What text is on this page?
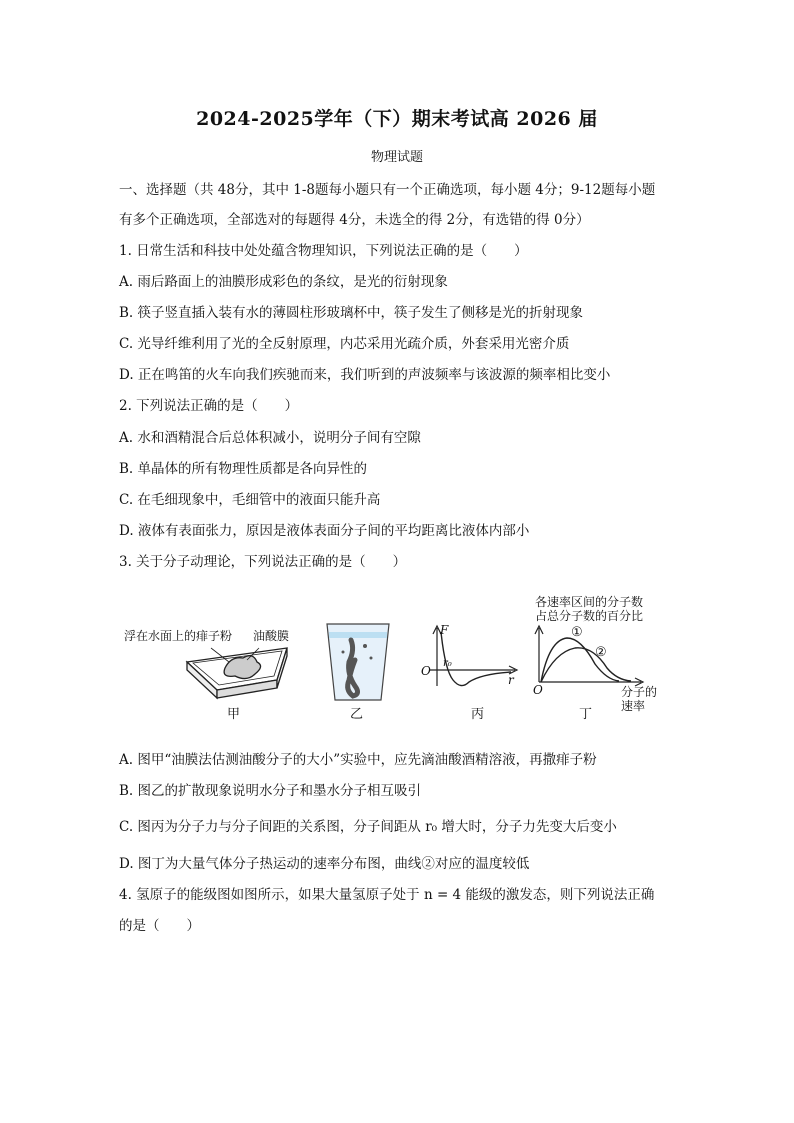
2024-2025学年（下）期末考试高 2026 届
物理试题
一、选择题（共 48分，其中 1-8题每小题只有一个正确选项，每小题 4分；9-12题每小题
有多个正确选项，全部选对的每题得 4分，未选全的得 2分，有选错的得 0分）
1. 日常生活和科技中处处蕴含物理知识，下列说法正确的是（　　）
A. 雨后路面上的油膜形成彩色的条纹，是光的衍射现象
B. 筷子竖直插入装有水的薄圆柱形玻璃杯中，筷子发生了侧移是光的折射现象
C. 光导纤维利用了光的全反射原理，内芯采用光疏介质，外套采用光密介质
D. 正在鸣笛的火车向我们疾驰而来，我们听到的声波频率与该波源的频率相比变小
2. 下列说法正确的是（　　）
A. 水和酒精混合后总体积减小，说明分子间有空隙
B. 单晶体的所有物理性质都是各向异性的
C. 在毛细现象中，毛细管中的液面只能升高
D. 液体有表面张力，原因是液体表面分子间的平均距离比液体内部小
3. 关于分子动理论，下列说法正确的是（　　）
浮在水面上的痱子粉 油酸膜
甲	乙
F
r
O
r₀
丙
各速率区间的分子数
占总分子数的百分比
①
②
O	分子的
速率
丁
A. 图甲“油膜法估测油酸分子的大小”实验中，应先滴油酸酒精溶液，再撒痱子粉
B. 图乙的扩散现象说明水分子和墨水分子相互吸引
C. 图丙为分子力与分子间距的关系图，分子间距从 r₀ 增大时，分子力先变大后变小
D. 图丁为大量气体分子热运动的速率分布图，曲线②对应的温度较低
4. 氢原子的能级图如图所示，如果大量氢原子处于 n = 4 能级的激发态，则下列说法正确
的是（　　）
